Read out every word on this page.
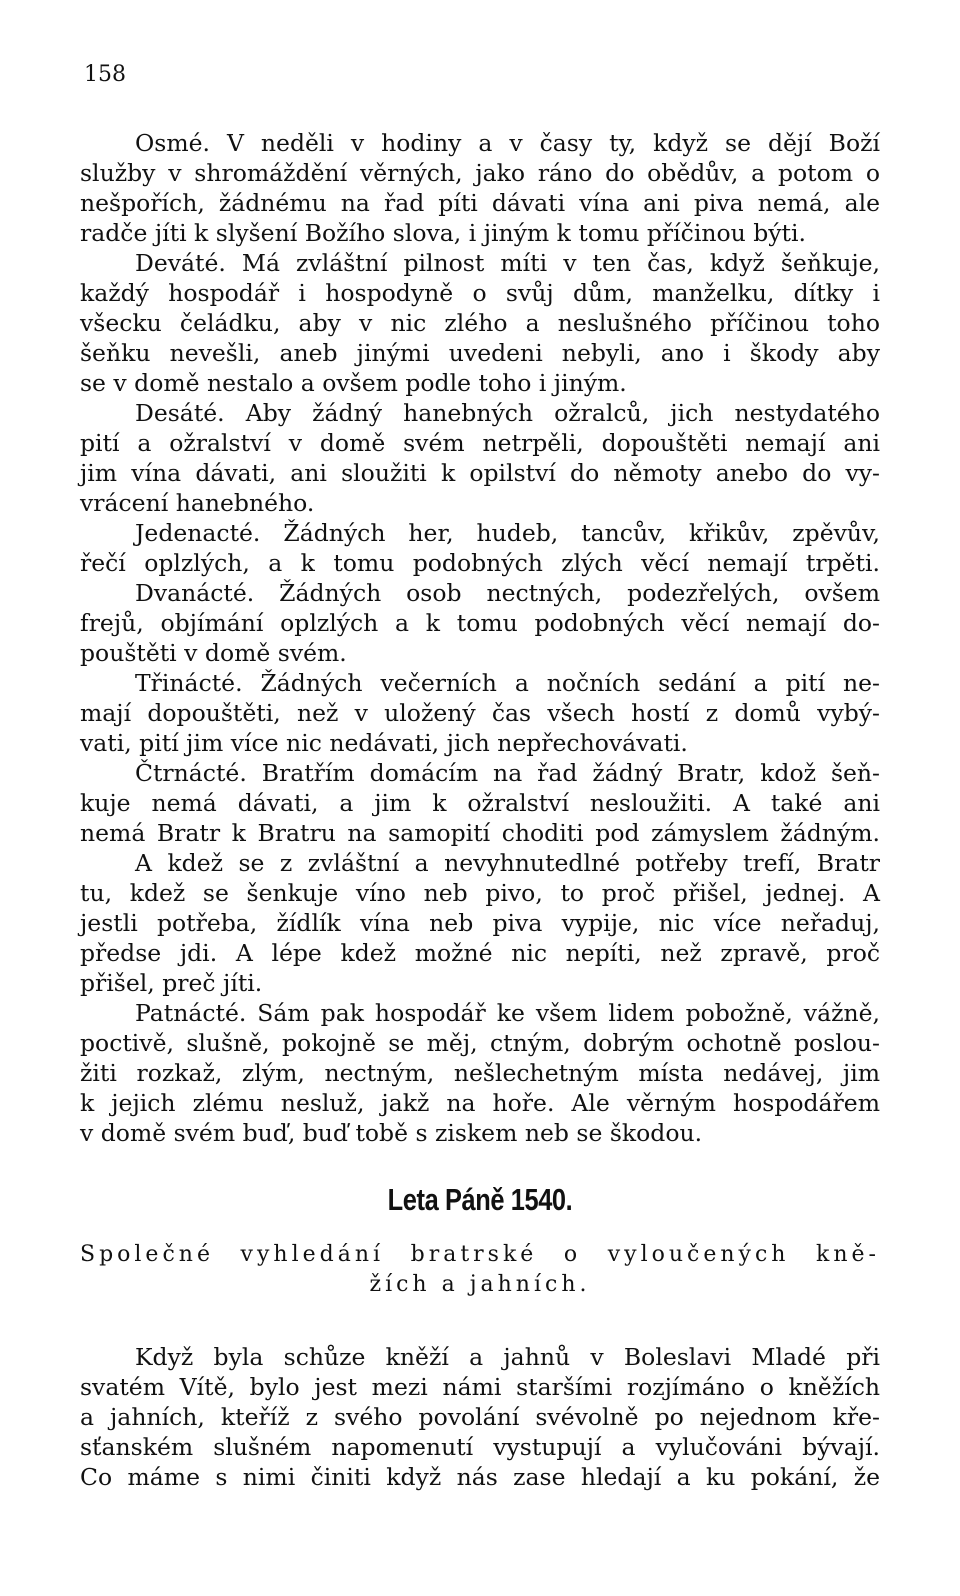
158
Osmé. V neděli v hodiny a v časy ty, když se dějí Boží
služby v shromáždění věrných, jako ráno do obědův, a potom o
nešpořích, žádnému na řad píti dávati vína ani piva nemá, ale
radče jíti k slyšení Božího slova, i jiným k tomu příčinou býti.
Deváté. Má zvláštní pilnost míti v ten čas, když šeňkuje,
každý hospodář i hospodyně o svůj dům, manželku, dítky i
všecku čeládku, aby v nic zlého a neslušného příčinou toho
šeňku nevešli, aneb jinými uvedeni nebyli, ano i škody aby
se v domě nestalo a ovšem podle toho i jiným.
Desáté. Aby žádný hanebných ožralců, jich nestydatého
pití a ožralství v domě svém netrpěli, dopouštěti nemají ani
jim vína dávati, ani sloužiti k opilství do němoty anebo do vy-
vrácení hanebného.
Jedenacté. Žádných her, hudeb, tancův, křikův, zpěvův,
řečí oplzlých, a k tomu podobných zlých věcí nemají trpěti.
Dvanácté. Žádných osob nectných, podezřelých, ovšem
frejů, objímání oplzlých a k tomu podobných věcí nemají do-
pouštěti v domě svém.
Třinácté. Žádných večerních a nočních sedání a pití ne-
mají dopouštěti, než v uložený čas všech hostí z domů vybý-
vati, pití jim více nic nedávati, jich nepřechovávati.
Čtrnácté. Bratřím domácím na řad žádný Bratr, kdož šeň-
kuje nemá dávati, a jim k ožralství nesloužiti. A také ani
nemá Bratr k Bratru na samopití choditi pod zámyslem žádným.
A kdež se z zvláštní a nevyhnutedlné potřeby trefí, Bratr
tu, kdež se šenkuje víno neb pivo, to proč přišel, jednej. A
jestli potřeba, žídlík vína neb piva vypije, nic více neřaduj,
předse jdi. A lépe kdež možné nic nepíti, než zpravě, proč
přišel, preč jíti.
Patnácté. Sám pak hospodář ke všem lidem pobožně, vážně,
poctivě, slušně, pokojně se měj, ctným, dobrým ochotně poslou-
žiti rozkaž, zlým, nectným, nešlechetným místa nedávej, jim
k jejich zlému nesluž, jakž na hoře. Ale věrným hospodářem
v domě svém buď, buď tobě s ziskem neb se škodou.
Leta Páně 1540.
Společné vyhledání bratrské o vyloučených kně-
žích a jahních.
Když byla schůze kněží a jahnů v Boleslavi Mladé při
svatém Vítě, bylo jest mezi námi staršími rozjímáno o kněžích
a jahních, kteříž z svého povolání svévolně po nejednom kře-
sťanském slušném napomenutí vystupují a vylučováni bývají.
Co máme s nimi činiti když nás zase hledají a ku pokání, že
